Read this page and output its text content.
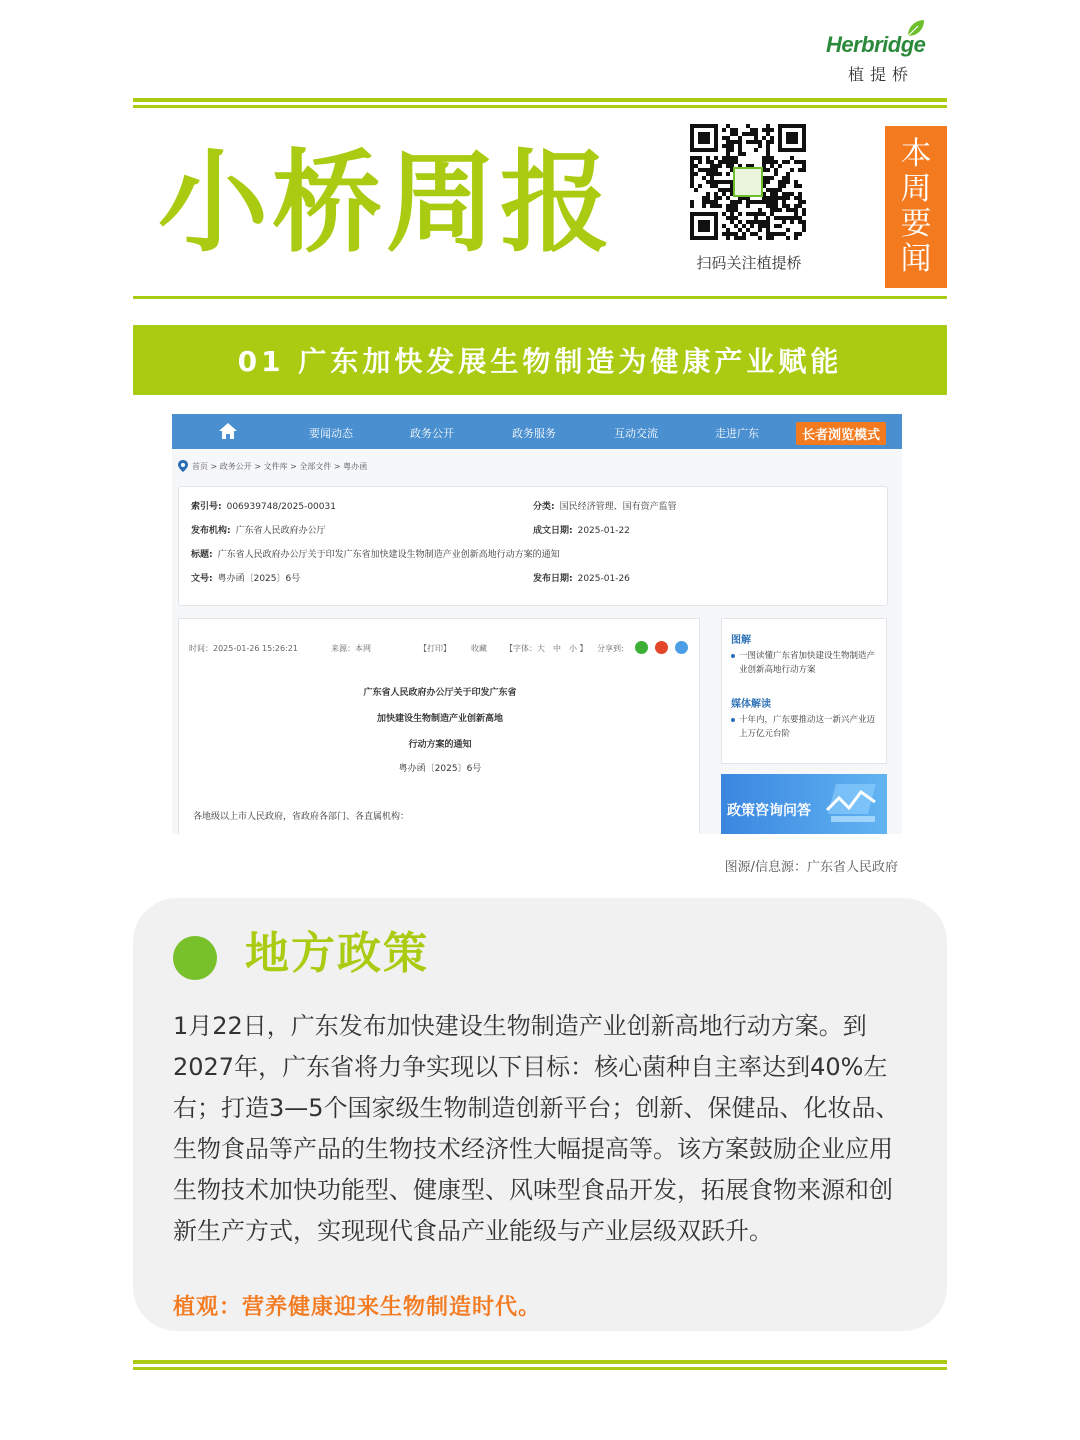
Herbridge
植提桥
小桥周报	扫码关注植提桥
本
周
要
闻
01 广东加快发展生物制造为健康产业赋能
要闻动态	政务公开	政务服务	互动交流	走进广东	长者浏览模式
首页 > 政务公开 > 文件库 > 全部文件 > 粤办函
索引号: 006939748/2025-00031	分类: 国民经济管理、国有资产监管
发布机构: 广东省人民政府办公厅	成文日期: 2025-01-22
标题: 广东省人民政府办公厅关于印发广东省加快建设生物制造产业创新高地行动方案的通知
文号: 粤办函〔2025〕6号	发布日期: 2025-01-26
时间：2025-01-26 15:26:21	来源：本网	【打印】	收藏 【字体：大　中　小 】 分享到:
广东省人民政府办公厅关于印发广东省
加快建设生物制造产业创新高地
行动方案的通知
粤办函〔2025〕6号
各地级以上市人民政府，省政府各部门、各直属机构：
图解
一图读懂广东省加快建设生物制造产业创新高地行动方案
媒体解读
十年内，广东要推动这一新兴产业迈上万亿元台阶
政策咨询问答
图源/信息源：广东省人民政府
地方政策
1月22日，广东发布加快建设生物制造产业创新高地行动方案。到2027年，广东省将力争实现以下目标：核心菌种自主率达到40%左右；打造3—5个国家级生物制造创新平台；创新、保健品、化妆品、生物食品等产品的生物技术经济性大幅提高等。该方案鼓励企业应用生物技术加快功能型、健康型、风味型食品开发，拓展食物来源和创新生产方式，实现现代食品产业能级与产业层级双跃升。
植观：营养健康迎来生物制造时代。
